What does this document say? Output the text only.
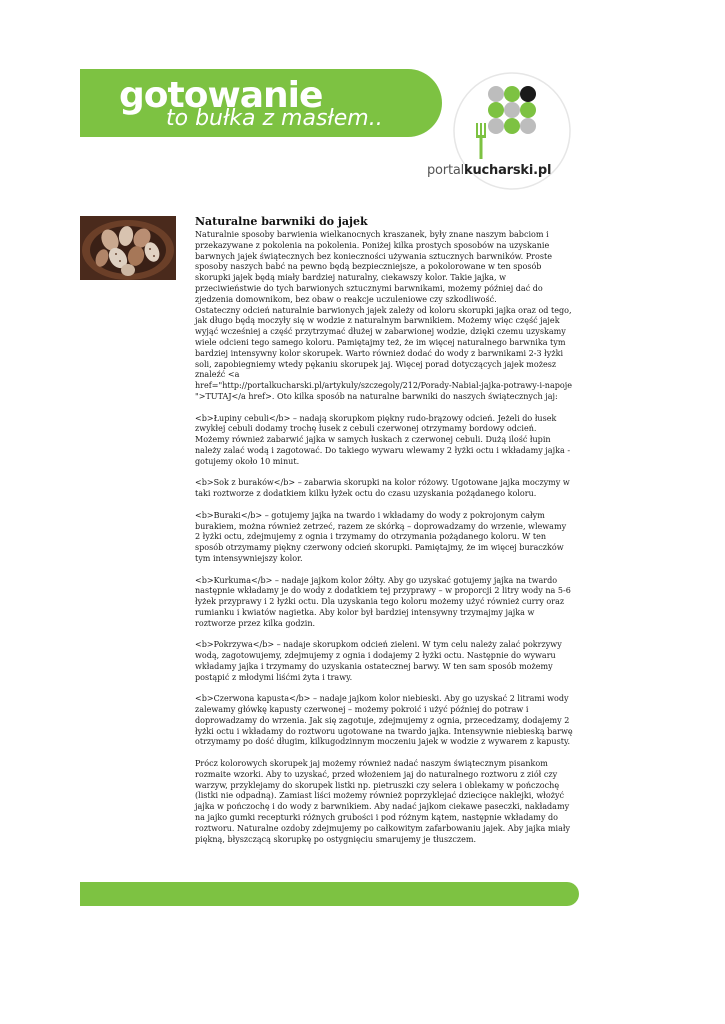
gotowanie
to bułka z masłem..
portalkucharski.pl
Naturalne barwniki do jajek

Naturalnie sposoby barwienia wielkanocnych kraszanek, były znane naszym babciom i
przekazywane z pokolenia na pokolenia. Poniżej kilka prostych sposobów na uzyskanie
barwnych jajek świątecznych bez konieczności używania sztucznych barwników. Proste
sposoby naszych babć na pewno będą bezpieczniejsze, a pokolorowane w ten sposób
skorupki jajek będą miały bardziej naturalny, ciekawszy kolor. Takie jajka, w
przeciwieństwie do tych barwionych sztucznymi barwnikami, możemy później dać do
zjedzenia domownikom, bez obaw o reakcje uczuleniowe czy szkodliwość.
Ostateczny odcień naturalnie barwionych jajek zależy od koloru skorupki jajka oraz od tego,
jak długo będą moczyły się w wodzie z naturalnym barwnikiem. Możemy więc część jajek
wyjąć wcześniej a część przytrzymać dłużej w zabarwionej wodzie, dzięki czemu uzyskamy
wiele odcieni tego samego koloru. Pamiętajmy też, że im więcej naturalnego barwnika tym
bardziej intensywny kolor skorupek. Warto również dodać do wody z barwnikami 2-3 łyżki
soli, zapobiegniemy wtedy pękaniu skorupek jaj. Więcej porad dotyczących jajek możesz
znaleźć <a
href="http://portalkucharski.pl/artykuly/szczegoly/212/Porady-Nabial-jajka-potrawy-i-napoje
">TUTAJ</a href>. Oto kilka sposób na naturalne barwniki do naszych świątecznych jaj:

<b>Łupiny cebuli</b> – nadają skorupkom piękny rudo-brązowy odcień. Jeżeli do łusek
zwykłej cebuli dodamy trochę łusek z cebuli czerwonej otrzymamy bordowy odcień.
Możemy również zabarwić jajka w samych łuskach z czerwonej cebuli. Dużą ilość łupin
należy zalać wodą i zagotować. Do takiego wywaru wlewamy 2 łyżki octu i wkładamy jajka -
gotujemy około 10 minut.

<b>Sok z buraków</b> – zabarwia skorupki na kolor różowy. Ugotowane jajka moczymy w
taki roztworze z dodatkiem kilku łyżek octu do czasu uzyskania pożądanego koloru.

<b>Buraki</b> – gotujemy jajka na twardo i wkładamy do wody z pokrojonym całym
burakiem, można również zetrzeć, razem ze skórką – doprowadzamy do wrzenie, wlewamy
2 łyżki octu, zdejmujemy z ognia i trzymamy do otrzymania pożądanego koloru. W ten
sposób otrzymamy piękny czerwony odcień skorupki. Pamiętajmy, że im więcej buraczków
tym intensywniejszy kolor.

<b>Kurkuma</b> – nadaje jajkom kolor żółty. Aby go uzyskać gotujemy jajka na twardo
następnie wkładamy je do wody z dodatkiem tej przyprawy – w proporcji 2 litry wody na 5-6
łyżek przyprawy i 2 łyżki octu. Dla uzyskania tego koloru możemy użyć również curry oraz
rumianku i kwiatów nagietka. Aby kolor był bardziej intensywny trzymajmy jajka w
roztworze przez kilka godzin.

<b>Pokrzywa</b> – nadaje skorupkom odcień zieleni. W tym celu należy zalać pokrzywy
wodą, zagotowujemy, zdejmujemy z ognia i dodajemy 2 łyżki octu. Następnie do wywaru
wkładamy jajka i trzymamy do uzyskania ostatecznej barwy. W ten sam sposób możemy
postąpić z młodymi liśćmi żyta i trawy.

<b>Czerwona kapusta</b> – nadaje jajkom kolor niebieski. Aby go uzyskać 2 litrami wody
zalewamy główkę kapusty czerwonej – możemy pokroić i użyć później do potraw i
doprowadzamy do wrzenia. Jak się zagotuje, zdejmujemy z ognia, przecedzamy, dodajemy 2
łyżki octu i wkładamy do roztworu ugotowane na twardo jajka. Intensywnie niebieską barwę
otrzymamy po dość długim, kilkugodzinnym moczeniu jajek w wodzie z wywarem z kapusty.

Prócz kolorowych skorupek jaj możemy również nadać naszym świątecznym pisankom
rozmaite wzorki. Aby to uzyskać, przed włożeniem jaj do naturalnego roztworu z ziół czy
warzyw, przyklejamy do skorupek listki np. pietruszki czy selera i oblekamy w pończochę
(listki nie odpadną). Zamiast liści możemy również poprzyklejać dziecięce naklejki, włożyć
jajka w pończochę i do wody z barwnikiem. Aby nadać jajkom ciekawe paseczki, nakładamy
na jajko gumki recepturki różnych grubości i pod różnym kątem, następnie wkładamy do
roztworu. Naturalne ozdoby zdejmujemy po całkowitym zafarbowaniu jajek. Aby jajka miały
piękną, błyszczącą skorupkę po ostygnięciu smarujemy je tłuszczem.
